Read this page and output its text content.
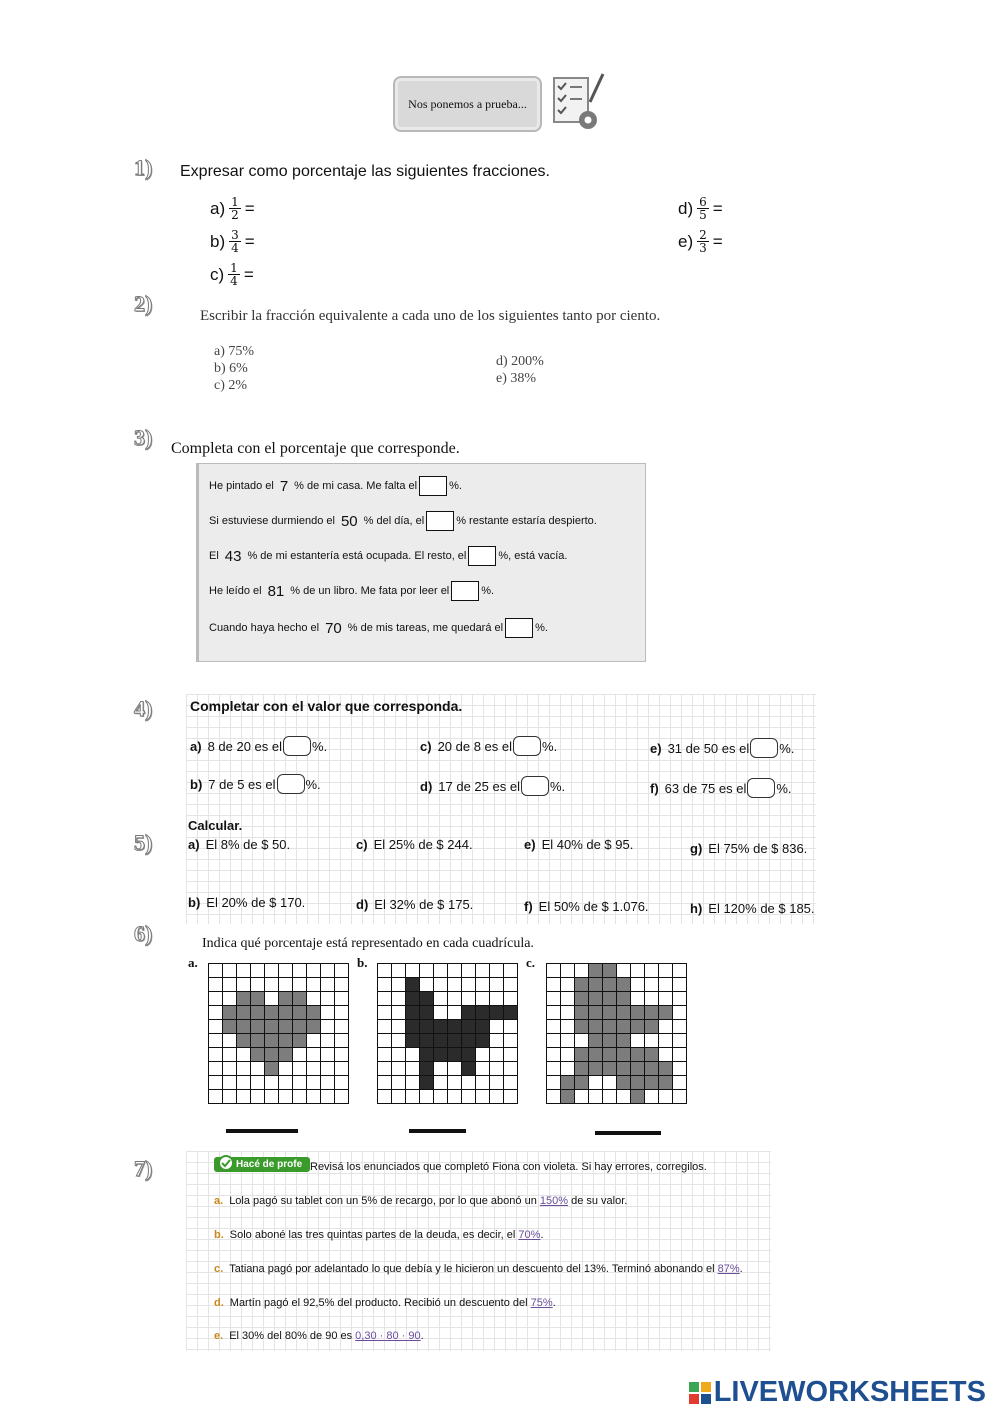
Nos ponemos a prueba...
1)
2)
3)
4)
5)
6)
7)
Expresar como porcentaje las siguientes fracciones.
$a) \frac{1}{2}$ =
$b) \frac{3}{4}$ =
$c) \frac{1}{4}$ =
$d) \frac{6}{5}$ =
$e) \frac{2}{3}$ =
Escribir la fracción equivalente a cada uno de los siguientes tanto por ciento.
a) 75%
b) 6%
c) 2%
d) 200%
e) 38%
Completa con el porcentaje que corresponde.
He pintado el 7 % de mi casa. Me falta el	%.
Si estuviese durmiendo el 50 % del día, el	% restante estaría despierto.
El 43 % de mi estantería está ocupada. El resto, el	%, está vacía.
He leído el 81 % de un libro. Me fata por leer el	%.
Cuando haya hecho el 70 % de mis tareas, me quedará el	%.
Completar con el valor que corresponda.
a) 8 de 20 es el %.	c) 20 de 8 es el %.	e) 31 de 50 es el %.
b) 7 de 5 es el %.	d) 17 de 25 es el %.	f) 63 de 75 es el %.
Calcular.
a) El 8% de $ 50.	c) El 25% de $ 244.	e) El 40% de $ 95.	g) El 75% de $ 836.
b) El 20% de $ 170.	d) El 32% de $ 175.	f) El 50% de $ 1.076.	h) El 120% de $ 185.
Indica qué porcentaje está representado en cada cuadrícula.
a.	b.	c.
Hacé de profe Revisá los enunciados que completó Fiona con violeta. Si hay errores, corregilos.
a. Lola pagó su tablet con un 5% de recargo, por lo que abonó un 150% de su valor.
b. Solo aboné las tres quintas partes de la deuda, es decir, el 70%.
c. Tatiana pagó por adelantado lo que debía y le hicieron un descuento del 13%. Terminó abonando el 87%.
d. Martín pagó el 92,5% del producto. Recibió un descuento del 75%.
e. El 30% del 80% de 90 es 0,30 · 80 · 90.
LIVEWORKSHEETS
